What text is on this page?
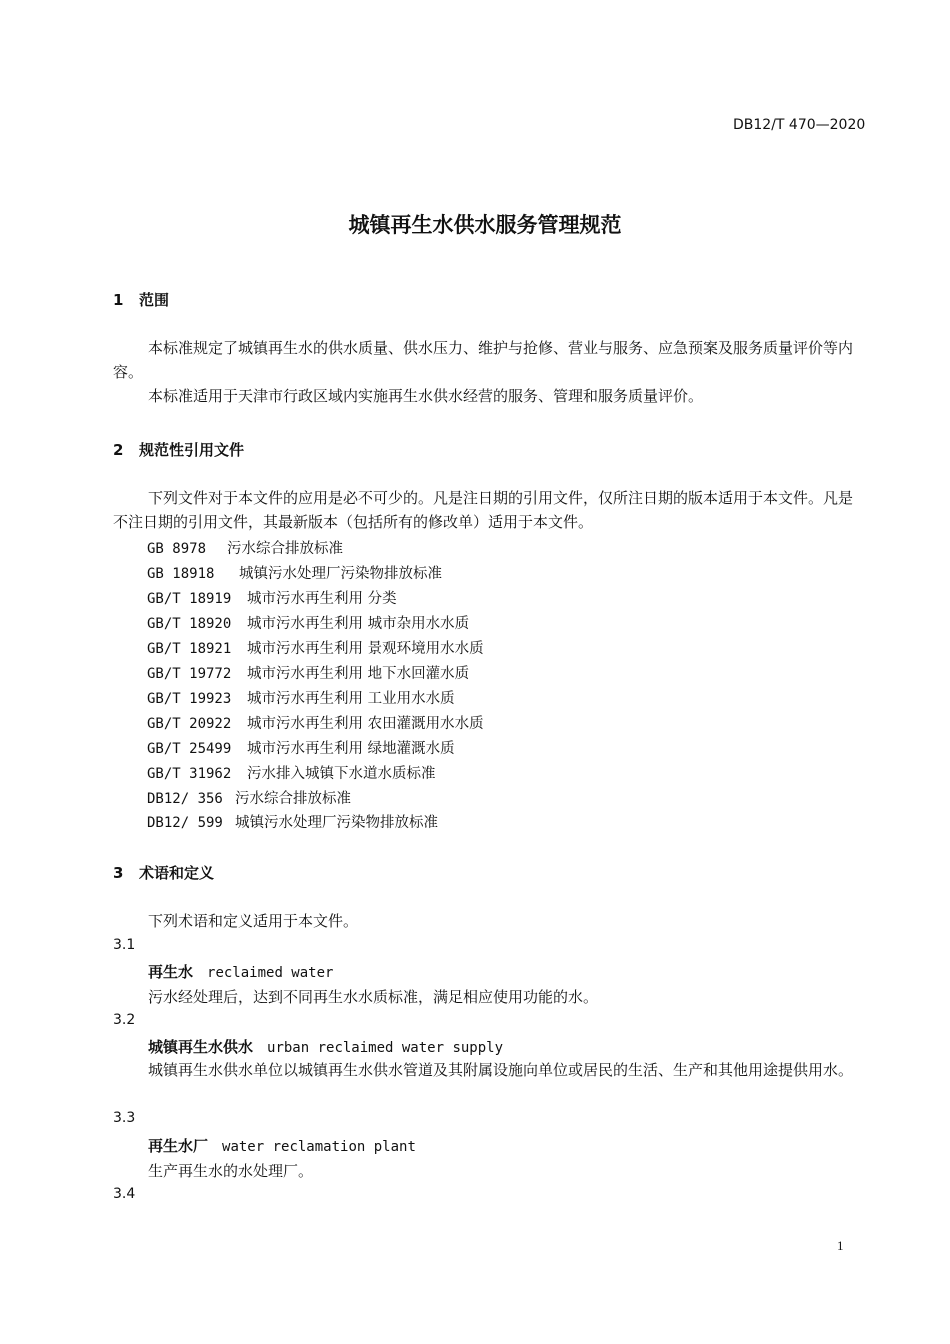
DB12/T 470—2020
城镇再生水供水服务管理规范
1 范围
本标准规定了城镇再生水的供水质量、供水压力、维护与抢修、营业与服务、应急预案及服务质量评价等内容。
本标准适用于天津市行政区域内实施再生水供水经营的服务、管理和服务质量评价。
2 规范性引用文件
下列文件对于本文件的应用是必不可少的。凡是注日期的引用文件，仅所注日期的版本适用于本文件。凡是不注日期的引用文件，其最新版本（包括所有的修改单）适用于本文件。
GB 8978 污水综合排放标准
GB 18918 城镇污水处理厂污染物排放标准
GB/T 18919 城市污水再生利用 分类
GB/T 18920 城市污水再生利用 城市杂用水水质
GB/T 18921 城市污水再生利用 景观环境用水水质
GB/T 19772 城市污水再生利用 地下水回灌水质
GB/T 19923 城市污水再生利用 工业用水水质
GB/T 20922 城市污水再生利用 农田灌溉用水水质
GB/T 25499 城市污水再生利用 绿地灌溉水质
GB/T 31962 污水排入城镇下水道水质标准
DB12/ 356 污水综合排放标准
DB12/ 599 城镇污水处理厂污染物排放标准
3 术语和定义
下列术语和定义适用于本文件。
3.1
再生水 reclaimed water
污水经处理后，达到不同再生水水质标准，满足相应使用功能的水。
3.2
城镇再生水供水 urban reclaimed water supply
城镇再生水供水单位以城镇再生水供水管道及其附属设施向单位或居民的生活、生产和其他用途提供用水。
3.3
再生水厂 water reclamation plant
生产再生水的水处理厂。
3.4
1
